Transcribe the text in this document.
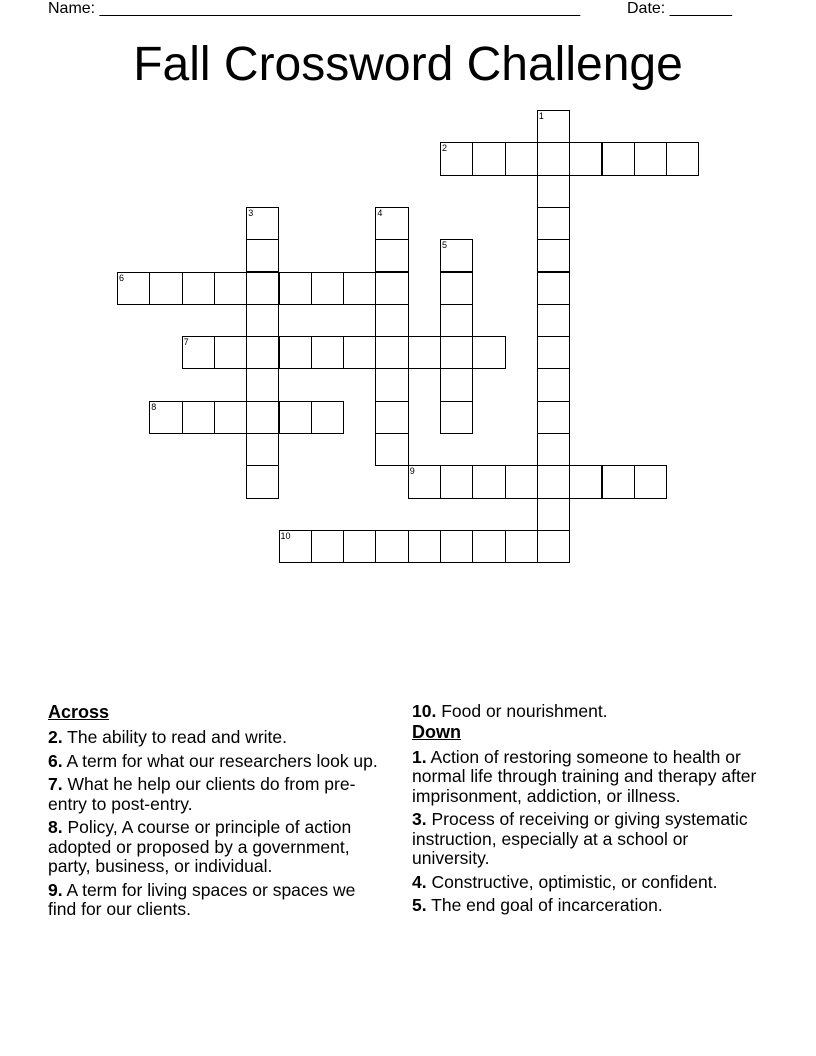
Name: ______________________________________________________	Date: _______
Fall Crossword Challenge
1
2
3	4
5
6
7
8
9
10
Across
2. The ability to read and write.
6. A term for what our researchers look up.
7. What he help our clients do from pre-entry to post-entry.
8. Policy, A course or principle of action adopted or proposed by a government, party, business, or individual.
9. A term for living spaces or spaces we find for our clients.
10. Food or nourishment.
Down
1. Action of restoring someone to health or normal life through training and therapy after imprisonment, addiction, or illness.
3. Process of receiving or giving systematic instruction, especially at a school or university.
4. Constructive, optimistic, or confident.
5. The end goal of incarceration.
